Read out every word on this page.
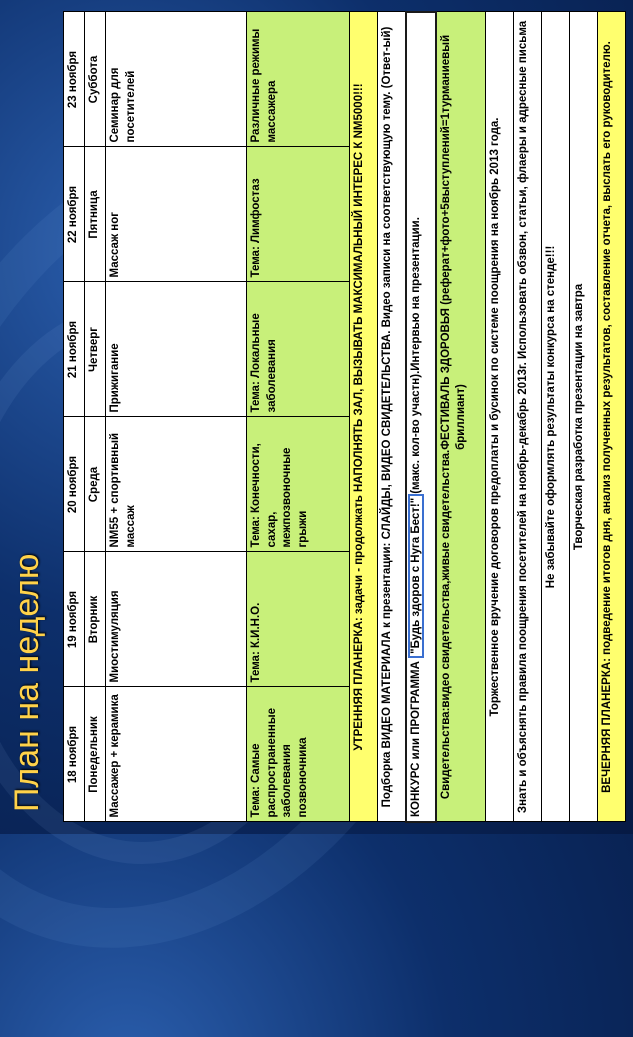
План на неделю 18 ноября	19 ноября	20 ноября	21 ноября	22 ноября	23 ноября
Понедельник	Вторник	Среда	Четверг	Пятница	Суббота
Массажер + керамика	Миостимуляция	NM55 + спортивный массаж	Прижигание	Массаж ног	Семинар для посетителей
Тема: Самые распространенные заболевания позвоночника	Тема: К.И.Н.О.	Тема: Конечности, сахар, межпозвоночные грыжи	Тема: Локальные заболевания	Тема: Лимфостаз	Различные режимы массажера
УТРЕННЯЯ ПЛАНЕРКА: задачи - продолжать НАПОЛНЯТЬ ЗАЛ, ВЫЗЫВАТЬ МАКСИМАЛЬНЫЙ ИНТЕРЕС К NM5000!!!					
Подборка ВИДЕО МАТЕРИАЛА к презентации: СЛАЙДЫ, ВИДЕО СВИДЕТЕЛЬСТВА. Видео записи на соответствующую тему. (Ответ-ый)					
КОНКУРС или ПРОГРАММА "Будь здоров с Нуга Бест!"(макс. кол-во участн).Интервью на презентации.					
Свидетельства:видео свидетельства,живые свидетельства.ФЕСТИВАЛЬ ЗДОРОВЬЯ (реферат+фото+5выступлений=1турманиевый бриллиант)					
Торжественное вручение договоров предоплаты и бусинок по системе поощрения на ноябрь 2013 года.					
Знать и объяснять правила поощрения посетителей на ноябрь-декабрь 2013г. Использовать обзвон, статьи, флаеры и адресные письма					
Не забывайте оформлять результаты конкурса на стенде!!!					
Творческая разработка презентации на завтра					
ВЕЧЕРНЯЯ ПЛАНЕРКА: подведение итогов дня, анализ полученных результатов, составление отчета, выслать его руководителю.					
